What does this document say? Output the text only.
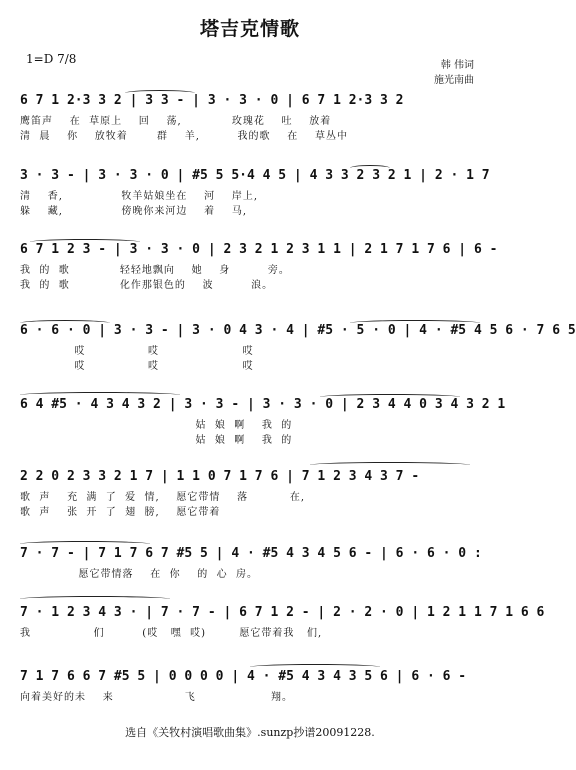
塔吉克情歌
1=D 7/8	韩 伟词
施光南曲
6 7 1 2·3 3 2 | 3 3 - | 3 · 3 · 0 | 6 7 1 2·3 3 2
鹰笛声    在  草原上    回    荡,            玫瑰花    吐    放着
清  晨    你    放牧着       群    羊,         我的歌    在    草丛中
3 · 3 - | 3 · 3 · 0 | #5 5 5·4 4 5 | 4 3 3 2 3 2 1 | 2 · 1 7
清    香,              牧羊姑娘坐在    河    岸上,
躲    藏,              傍晚你来河边    着    马,
6 7 1 2 3 - | 3 · 3 · 0 | 2 3 2 1 2 3 1 1 | 2 1 7 1 7 6 | 6 -
我  的  歌            轻轻地飘向    她    身         旁。
我  的  歌            化作那银色的    波         浪。
6 · 6 · 0 | 3 · 3 - | 3 · 0 4 3 · 4 | #5 · 5 · 0 | 4 · #5 4 5 6 · 7 6 5
哎               哎                    哎
哎               哎                    哎
6 4 #5 · 4 3 4 3 2 | 3 · 3 - | 3 · 3 · 0 | 2 3 4 4 0 3 4 3 2 1
姑  娘  啊    我  的
姑  娘  啊    我  的
2 2 0 2 3 3 2 1 7 | 1 1 0 7 1 7 6 | 7 1 2 3 4 3 7 -
歌  声    充  满  了  爱  情,    愿它带情    落          在,
歌  声    张  开  了  翅  膀,    愿它带着
7 · 7 - | 7 1 7 6 7 #5 5 | 4 · #5 4 3 4 5 6 - | 6 · 6 · 0 :
愿它带情落    在  你    的  心  房。
7 · 1 2 3 4 3 · | 7 · 7 - | 6 7 1 2 - | 2 · 2 · 0 | 1 2 1 1 7 1 6 6
我               们         (哎   嘿  哎)        愿它带着我   们,
7 1 7 6 6 7 #5 5 | 0 0 0 0 | 4 · #5 4 3 4 3 5 6 | 6 · 6 -
向着美好的未    来                 飞                  翔。
选自《关牧村演唱歌曲集》.sunzp抄谱20091228.
